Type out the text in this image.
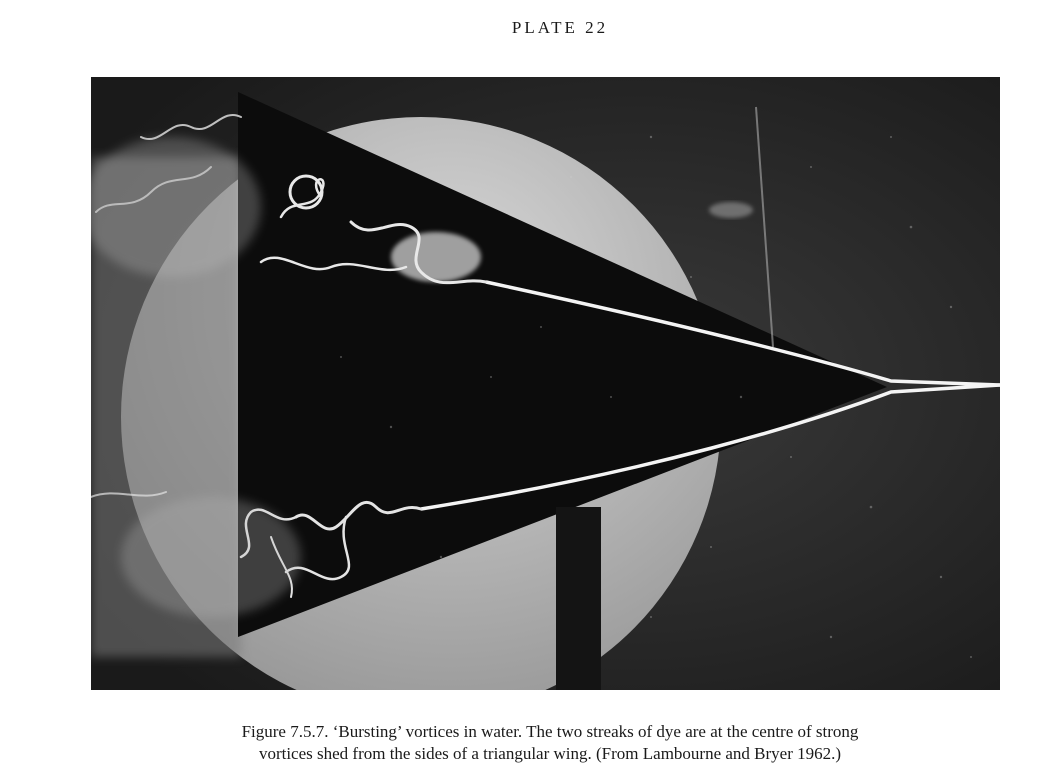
PLATE 22
Figure 7.5.7. ‘Bursting’ vortices in water. The two streaks of dye are at the centre of strong
vortices shed from the sides of a triangular wing. (From Lambourne and Bryer 1962.)
